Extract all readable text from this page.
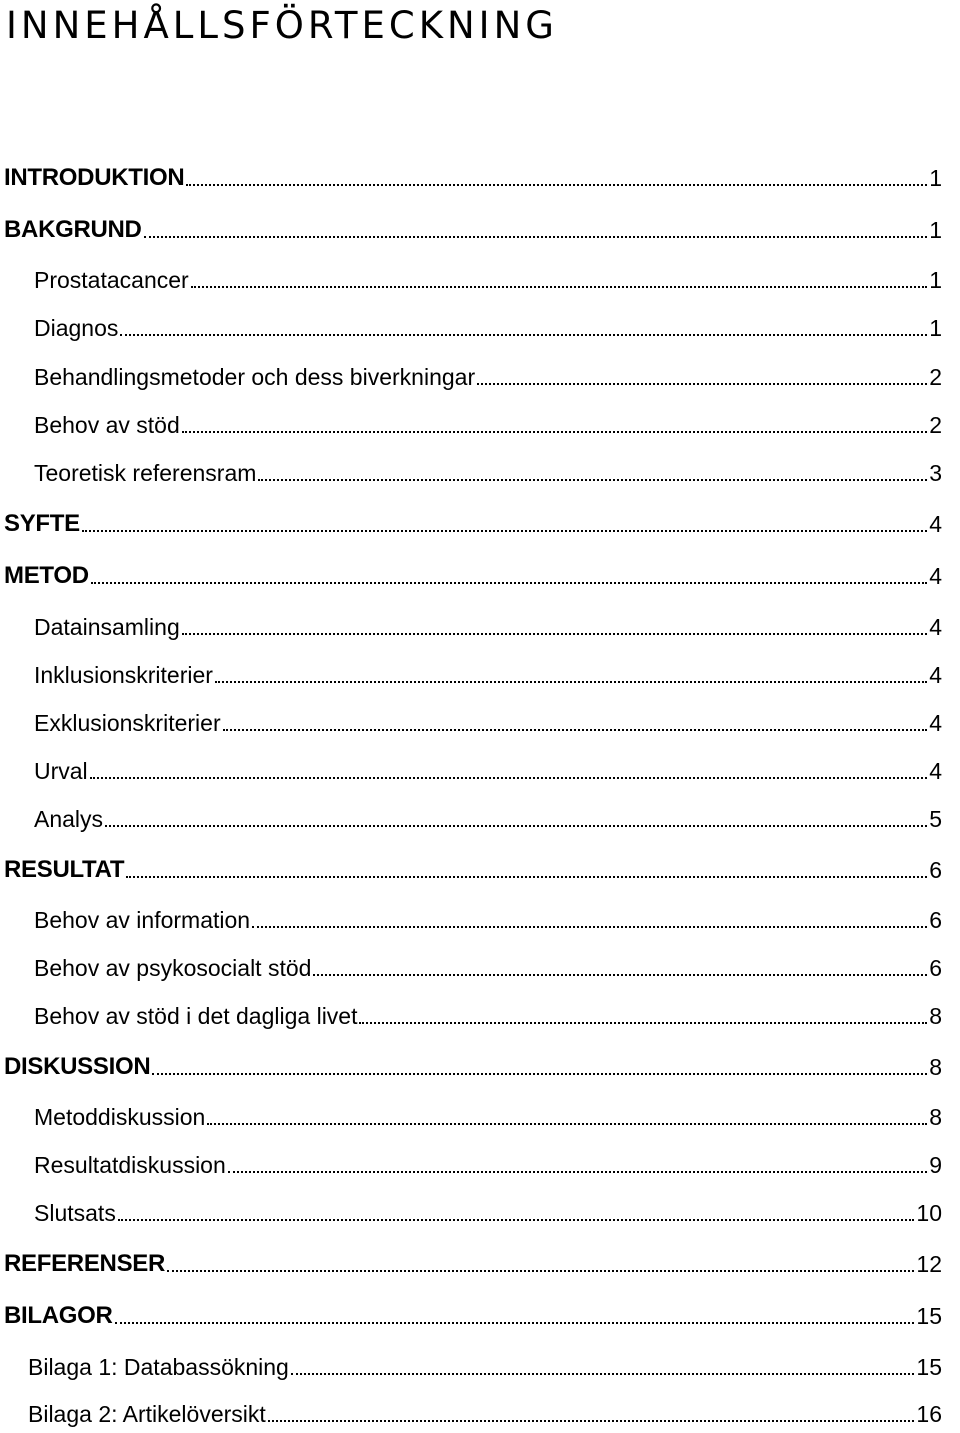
INNEHÅLLSFÖRTECKNING
INTRODUKTION	1
BAKGRUND	1
Prostatacancer	1
Diagnos	1
Behandlingsmetoder och dess biverkningar	2
Behov av stöd	2
Teoretisk referensram	3
SYFTE	4
METOD	4
Datainsamling	4
Inklusionskriterier	4
Exklusionskriterier	4
Urval	4
Analys	5
RESULTAT	6
Behov av information	6
Behov av psykosocialt stöd	6
Behov av stöd i det dagliga livet	8
DISKUSSION	8
Metoddiskussion	8
Resultatdiskussion	9
Slutsats	10
REFERENSER	12
BILAGOR	15
Bilaga 1: Databassökning	15
Bilaga 2: Artikelöversikt	16
